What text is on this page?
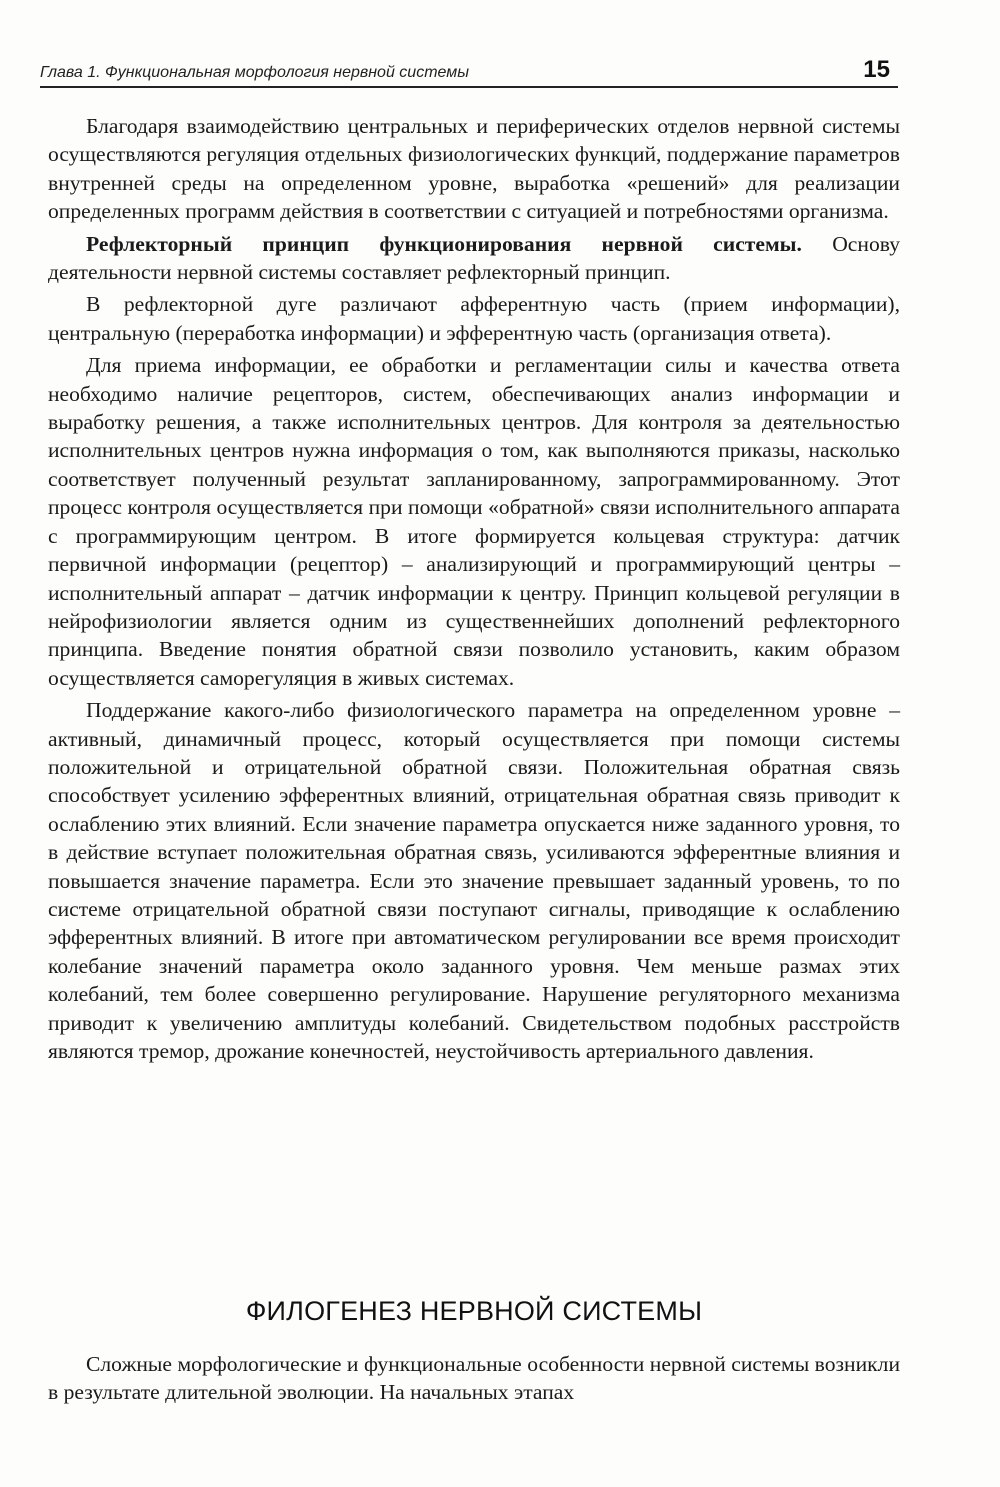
Глава 1. Функциональная морфология нервной системы	15

Благодаря взаимодействию центральных и периферических отделов нервной системы осуществляются регуляция отдельных физиологических функций, поддержание параметров внутренней среды на определенном уровне, выработка «решений» для реализации определенных программ действия в соответствии с ситуацией и потребностями организма.

Рефлекторный принцип функционирования нервной системы. Основу деятельности нервной системы составляет рефлекторный принцип.

В рефлекторной дуге различают афферентную часть (прием информации), центральную (переработка информации) и эфферентную часть (организация ответа).

Для приема информации, ее обработки и регламентации силы и качества ответа необходимо наличие рецепторов, систем, обеспечивающих анализ информации и выработку решения, а также исполнительных центров. Для контроля за деятельностью исполнительных центров нужна информация о том, как выполняются приказы, насколько соответствует полученный результат запланированному, запрограммированному. Этот процесс контроля осуществляется при помощи «обратной» связи исполнительного аппарата с программирующим центром. В итоге формируется кольцевая структура: датчик первичной информации (рецептор) – анализирующий и программирующий центры – исполнительный аппарат – датчик информации к центру. Принцип кольцевой регуляции в нейрофизиологии является одним из существеннейших дополнений рефлекторного принципа. Введение понятия обратной связи позволило установить, каким образом осуществляется саморегуляция в живых системах.

Поддержание какого-либо физиологического параметра на определенном уровне – активный, динамичный процесс, который осуществляется при помощи системы положительной и отрицательной обратной связи. Положительная обратная связь способствует усилению эфферентных влияний, отрицательная обратная связь приводит к ослаблению этих влияний. Если значение параметра опускается ниже заданного уровня, то в действие вступает положительная обратная связь, усиливаются эфферентные влияния и повышается значение параметра. Если это значение превышает заданный уровень, то по системе отрицательной обратной связи поступают сигналы, приводящие к ослаблению эфферентных влияний. В итоге при автоматическом регулировании все время происходит колебание значений параметра около заданного уровня. Чем меньше размах этих колебаний, тем более совершенно регулирование. Нарушение регуляторного механизма приводит к увеличению амплитуды колебаний. Свидетельством подобных расстройств являются тремор, дрожание конечностей, неустойчивость артериального давления.

ФИЛОГЕНЕЗ НЕРВНОЙ СИСТЕМЫ

Сложные морфологические и функциональные особенности нервной системы возникли в результате длительной эволюции. На начальных этапах
